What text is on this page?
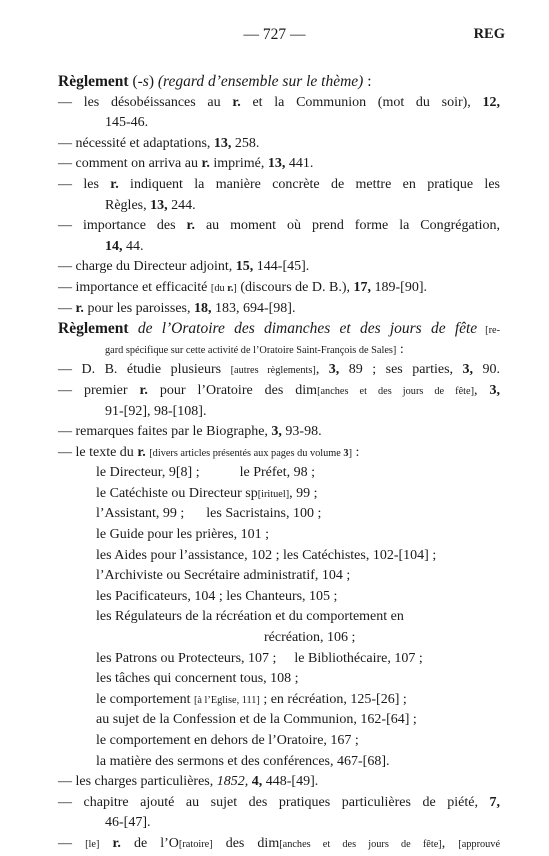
— 727 —	REG
Règlement (-s) (regard d’ensemble sur le thème) :
— les désobéissances au r. et la Communion (mot du soir), 12,
145-46.
— nécessité et adaptations, 13, 258.
— comment on arriva au r. imprimé, 13, 441.
— les r. indiquent la manière concrète de mettre en pratique les
Règles, 13, 244.
— importance des r. au moment où prend forme la Congrégation,
14, 44.
— charge du Directeur adjoint, 15, 144-[45].
— importance et efficacité [du r.] (discours de D. B.), 17, 189-[90].
— r. pour les paroisses, 18, 183, 694-[98].
Règlement de l’Oratoire des dimanches et des jours de fête [re-
gard spécifique sur cette activité de l’Oratoire Saint-François de Sales] :
— D. B. étudie plusieurs [autres règlements], 3, 89 ; ses parties, 3, 90.
— premier r. pour l’Oratoire des dim[anches et des jours de fête], 3,
91-[92], 98-[108].
— remarques faites par le Biographe, 3, 93-98.
— le texte du r. [divers articles présentés aux pages du volume 3] :
le Directeur, 9[8] ;	le Préfet, 98 ;
le Catéchiste ou Directeur sp[irituel], 99 ;
l’Assistant, 99 ; les Sacristains, 100 ;
le Guide pour les prières, 101 ;
les Aides pour l’assistance, 102 ; les Catéchistes, 102-[104] ;
l’Archiviste ou Secrétaire administratif, 104 ;
les Pacificateurs, 104 ; les Chanteurs, 105 ;
les Régulateurs de la récréation et du comportement en
récréation, 106 ;
les Patrons ou Protecteurs, 107 ; le Bibliothécaire, 107 ;
les tâches qui concernent tous, 108 ;
le comportement [à l’Eglise, 111] ; en récréation, 125-[26] ;
au sujet de la Confession et de la Communion, 162-[64] ;
le comportement en dehors de l’Oratoire, 167 ;
la matière des sermons et des conférences, 467-[68].
— les charges particulières, 1852, 4, 448-[49].
— chapitre ajouté au sujet des pratiques particulières de piété, 7,
46-[47].
— [le] r. de l’O[ratoire] des dim[anches et des jours de fête], [approuvé
